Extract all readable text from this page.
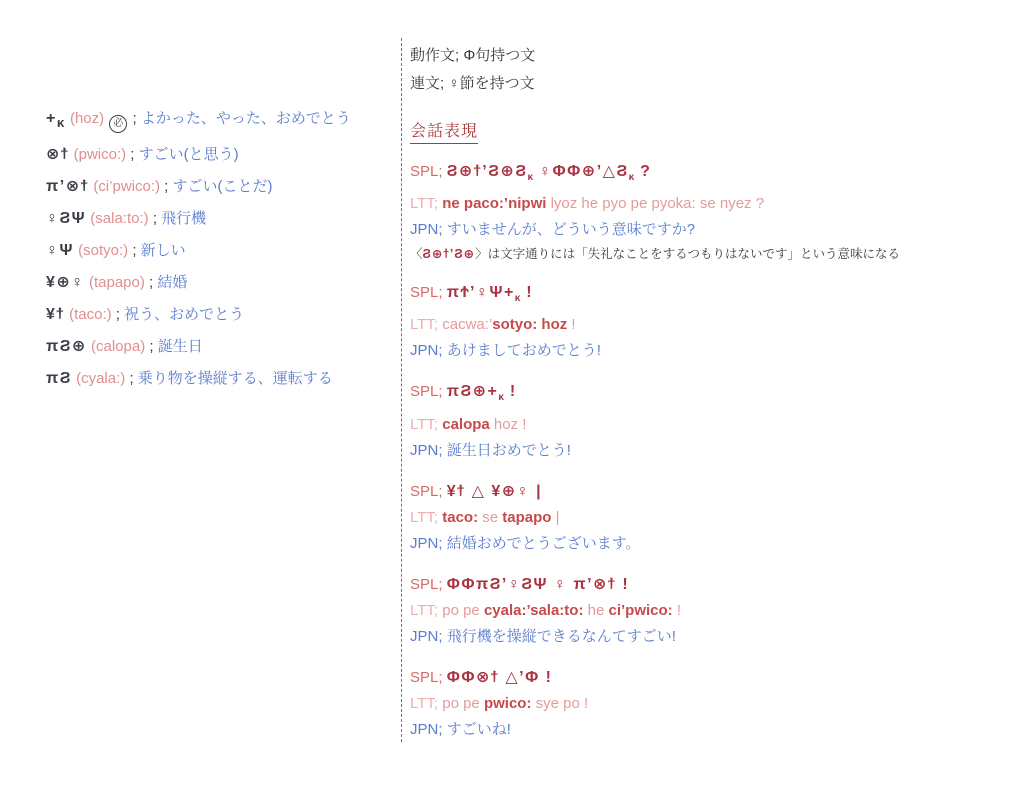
$+_ᴋ$ (hoz) 必 ; よかった、やった、おめでとう
⊗ϯ (pwico:) ; すごい(と思う)
πʼ⊗ϯ (ci’pwico:) ; すごい(ことだ)
♀ϨΨ (sala:to:) ; 飛行機
♀Ψ (sotyo:) ; 新しい
¥⊕♀ (tapapo) ; 結婚
¥ϯ (taco:) ; 祝う、おめでとう
πϨ⊕ (calopa) ; 誕生日
πϨ (cyala:) ; 乗り物を操縦する、運転する
動作文; Φ句持つ文
連文; ♀節を持つ文
会話表現
SPL; $Ϩ\oplus ϯʼϨ\oplus Ϩ_ᴋ$ $♀\Phi\Phi\oplus ʼ\triangle Ϩ_ᴋ$ ?
LTT; ne paco:’nipwi lyoz he pyo pe pyoka: se nyez ?
JPN; すいませんが、どういう意味ですか?
〈Ϩ⊕ϯʼϨ⊕〉は文字通りには「失礼なことをするつもりはないです」という意味になる
SPL; $\pi Ϯʼ♀\Psi+_ᴋ$ !
LTT; cacwa:’sotyo: hoz !
JPN; あけましておめでとう!
SPL; $\pi Ϩ\oplus+_ᴋ$ !
LTT; calopa hoz !
JPN; 誕生日おめでとう!
SPL; ¥ϯ △ ¥⊕♀ |
LTT; taco: se tapapo |
JPN; 結婚おめでとうございます。
SPL; ΦΦπϨʼ♀ϨΨ ♀ πʼ⊗ϯ !
LTT; po pe cyala:’sala:to: he ci’pwico: !
JPN; 飛行機を操縦できるなんてすごい!
SPL; ΦΦ⊗ϯ △ʼΦ !
LTT; po pe pwico: sye po !
JPN; すごいね!
